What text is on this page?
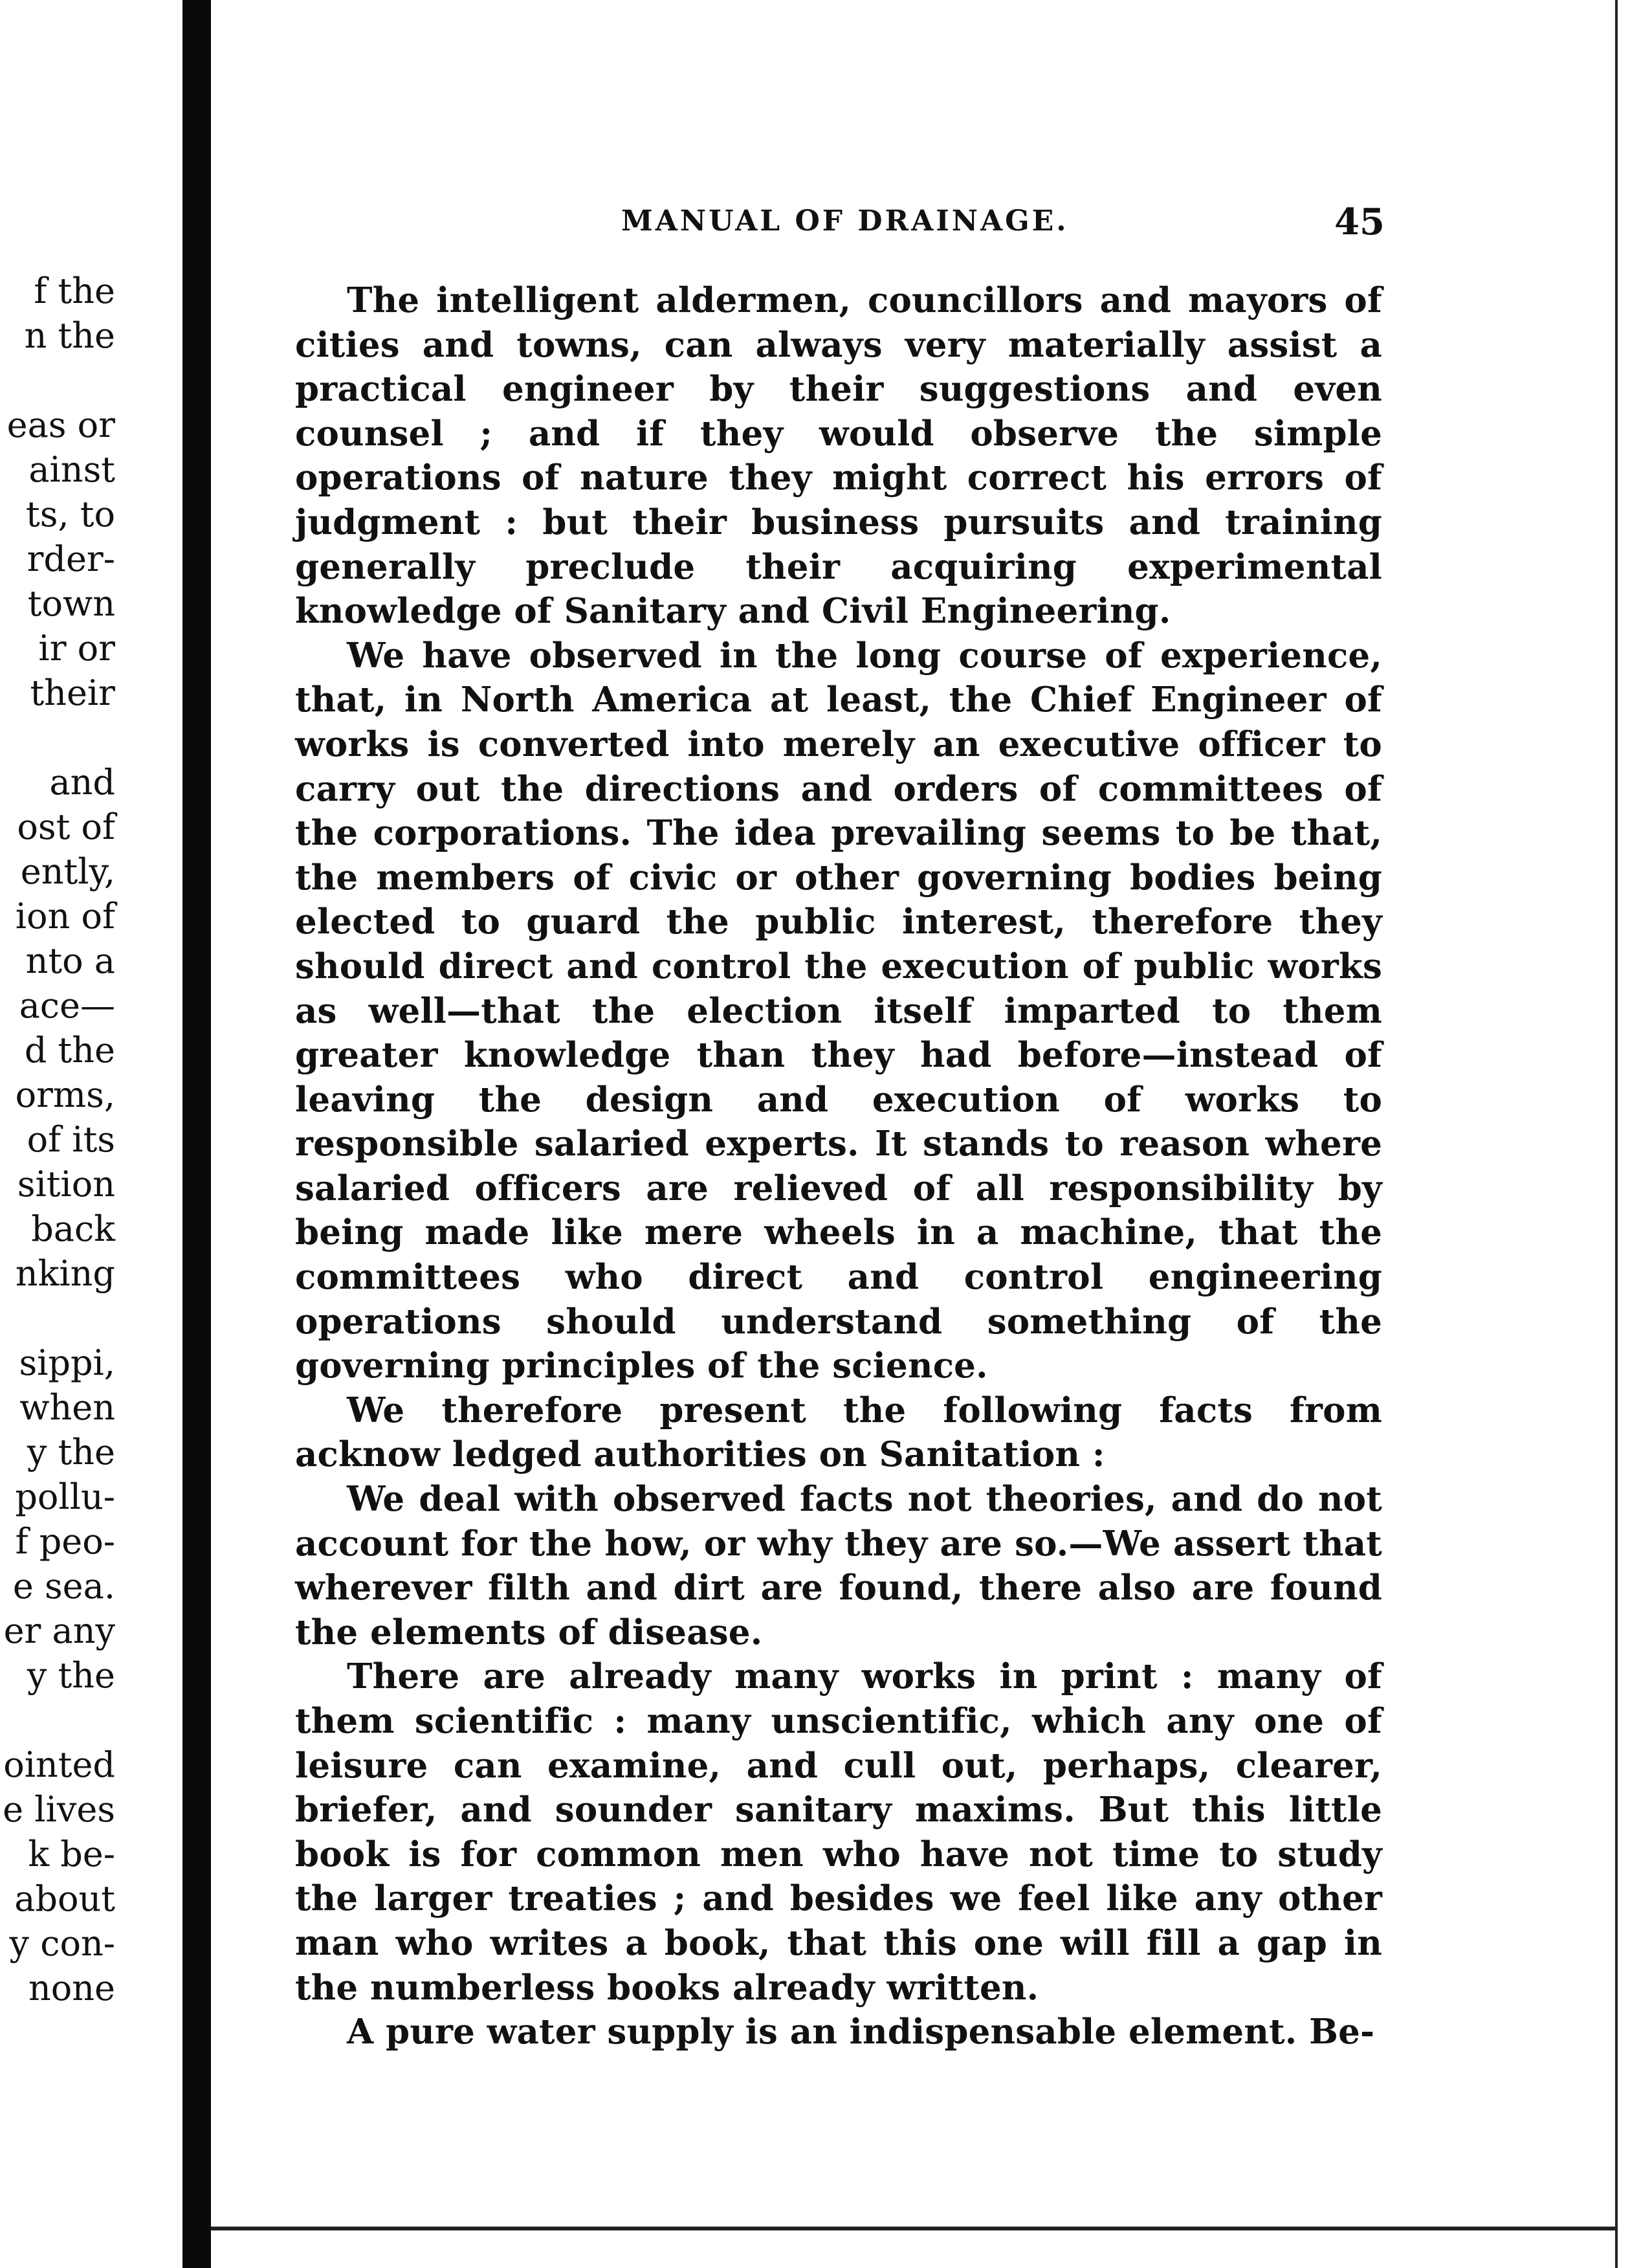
f the
n the
eas or
ainst
ts, to
rder-
town
ir or
their
and
ost of
ently,
ion of
nto a
ace—
d the
orms,
of its
sition
back
nking
sippi,
when
y the
pollu-
f peo-
e sea.
er any
y the
ointed
e lives
k be-
about
y con-
none
MANUAL OF DRAINAGE.	45

The intelligent aldermen, councillors and mayors of cities and towns, can always very materially assist a practical engineer by their suggestions and even counsel ; and if they would observe the simple operations of nature they might correct his errors of judgment : but their business pursuits and training generally preclude their acquiring experimental knowledge of Sanitary and Civil Engineering.

We have observed in the long course of experience, that, in North America at least, the Chief Engineer of works is converted into merely an executive officer to carry out the directions and orders of committees of the corporations. The idea prevailing seems to be that, the members of civic or other governing bodies being elected to guard the public interest, therefore they should direct and control the execution of public works as well—that the election itself imparted to them greater knowledge than they had before—instead of leaving the design and execution of works to responsible salaried experts. It stands to reason where salaried officers are relieved of all responsibility by being made like mere wheels in a machine, that the committees who direct and control engineering operations should understand something of the governing principles of the science.

We therefore present the following facts from acknow ledged authorities on Sanitation :

We deal with observed facts not theories, and do not account for the how, or why they are so.—We assert that wherever filth and dirt are found, there also are found the elements of disease.

There are already many works in print : many of them scientific : many unscientific, which any one of leisure can examine, and cull out, perhaps, clearer, briefer, and sounder sanitary maxims. But this little book is for common men who have not time to study the larger treaties ; and besides we feel like any other man who writes a book, that this one will fill a gap in the numberless books already written.

A pure water supply is an indispensable element. Be-
